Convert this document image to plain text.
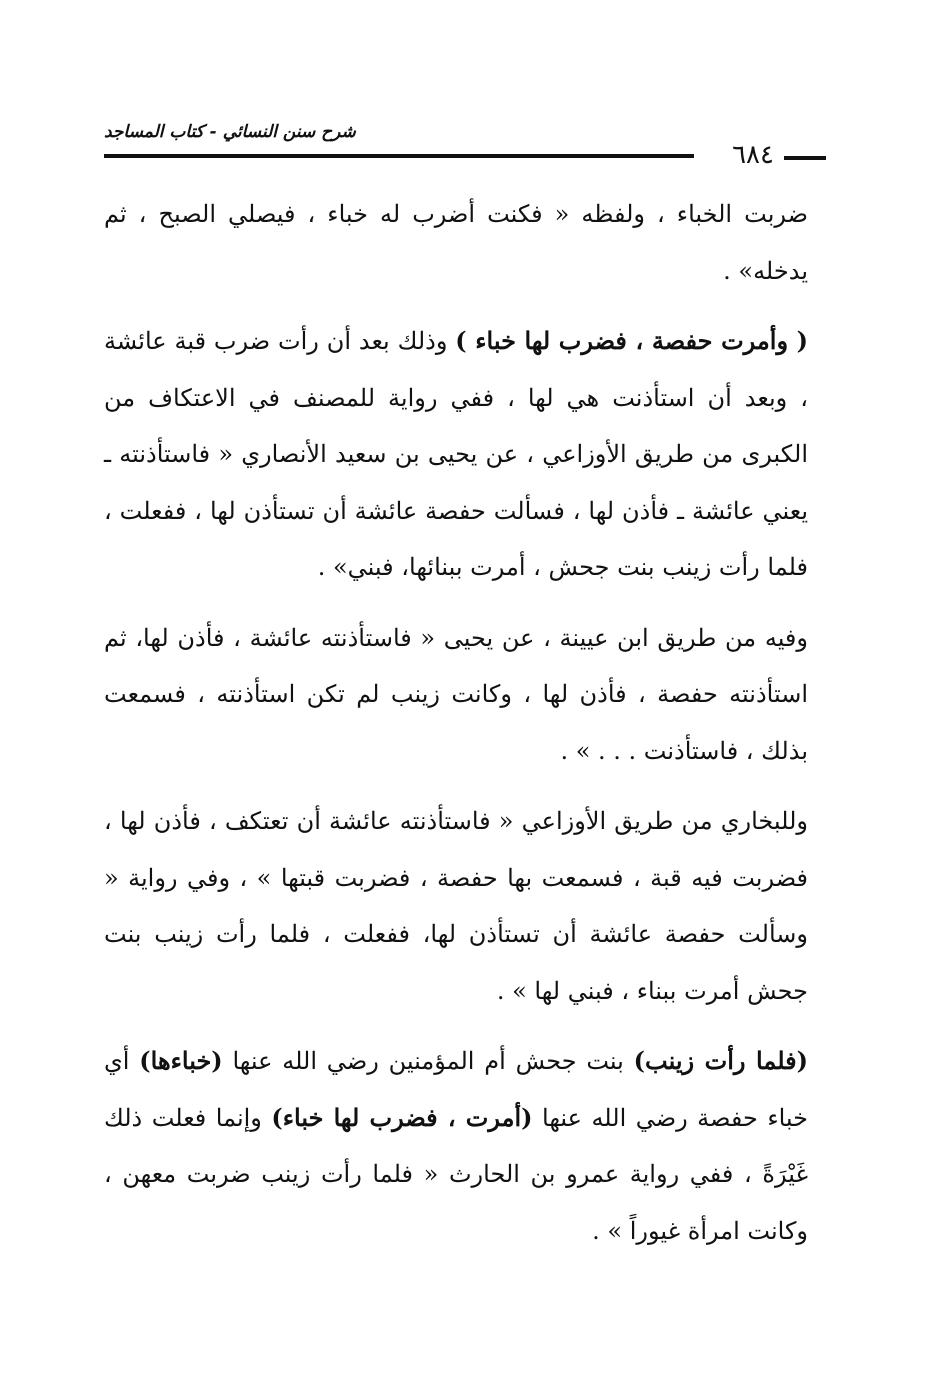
شرح سنن النسائي - كتاب المساجد
٦٨٤

ضربت الخباء ، ولفظه « فكنت أضرب له خباء ، فيصلي الصبح ، ثم يدخله» .

( وأمرت حفصة ، فضرب لها خباء ) وذلك بعد أن رأت ضرب قبة عائشة ، وبعد أن استأذنت هي لها ، ففي رواية للمصنف في الاعتكاف من الكبرى من طريق الأوزاعي ، عن يحيى بن سعيد الأنصاري « فاستأذنته ـ يعني عائشة ـ فأذن لها ، فسألت حفصة عائشة أن تستأذن لها ، ففعلت ، فلما رأت زينب بنت جحش ، أمرت ببنائها، فبني» .

وفيه من طريق ابن عيينة ، عن يحيى « فاستأذنته عائشة ، فأذن لها، ثم استأذنته حفصة ، فأذن لها ، وكانت زينب لم تكن استأذنته ، فسمعت بذلك ، فاستأذنت . . . » .

وللبخاري من طريق الأوزاعي « فاستأذنته عائشة أن تعتكف ، فأذن لها ، فضربت فيه قبة ، فسمعت بها حفصة ، فضربت قبتها » ، وفي رواية « وسألت حفصة عائشة أن تستأذن لها، ففعلت ، فلما رأت زينب بنت جحش أمرت ببناء ، فبني لها » .

(فلما رأت زينب) بنت جحش أم المؤمنين رضي الله عنها (خباءها) أي خباء حفصة رضي الله عنها (أمرت ، فضرب لها خباء) وإنما فعلت ذلك غَيْرَةً ، ففي رواية عمرو بن الحارث « فلما رأت زينب ضربت معهن ، وكانت امرأة غيوراً » .
